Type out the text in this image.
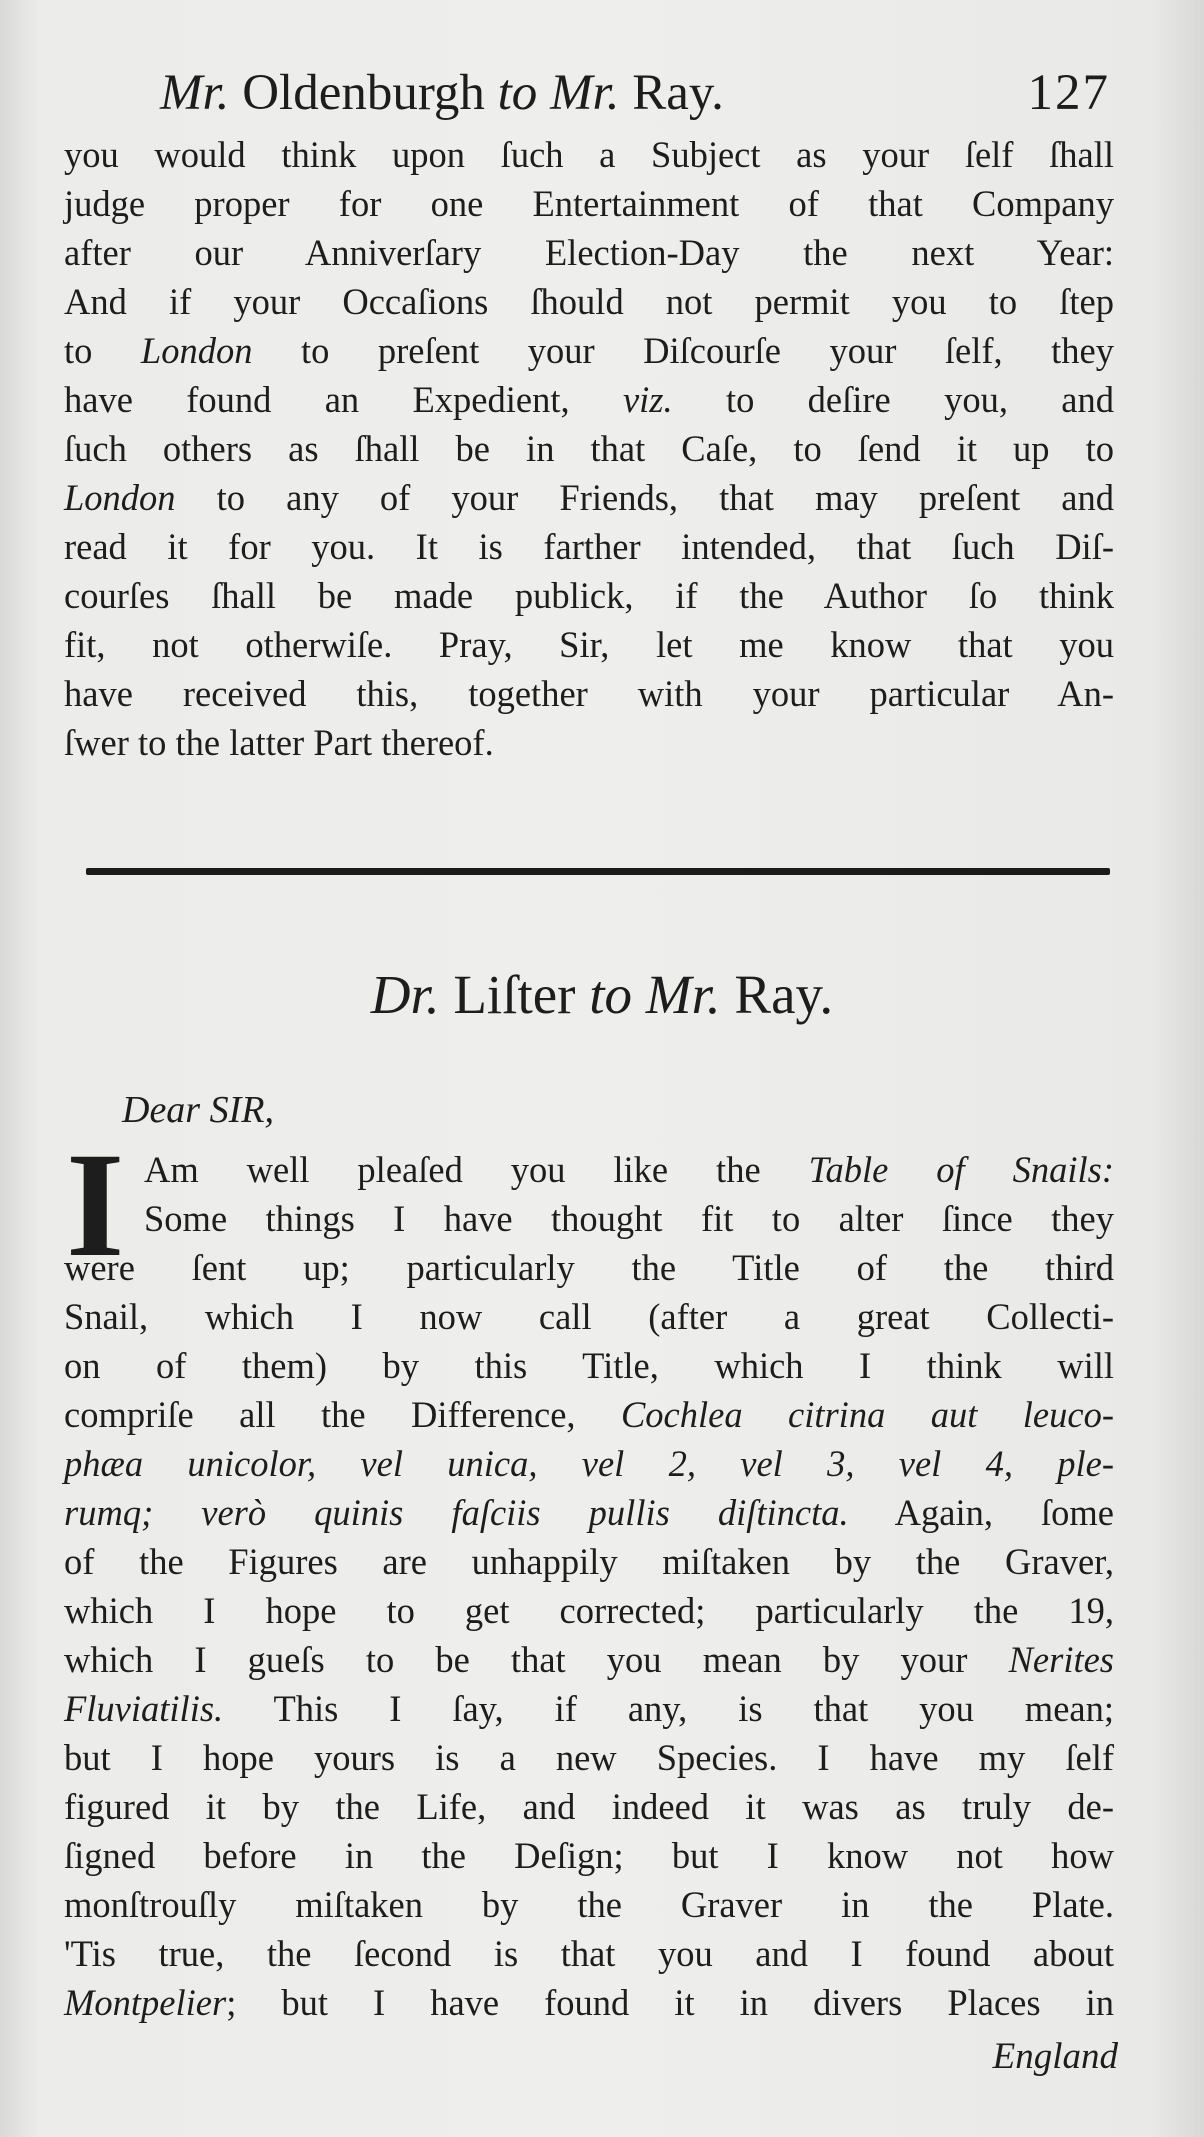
Mr. Oldenburgh to Mr. Ray.	127
you would think upon ſuch a Subject as your ſelf ſhall
judge proper for one Entertainment of that Company
after our Anniverſary Election-Day the next Year:
And if your Occaſions ſhould not permit you to ſtep
to London to preſent your Diſcourſe your ſelf, they
have found an Expedient, viz. to deſire you, and
ſuch others as ſhall be in that Caſe, to ſend it up to
London to any of your Friends, that may preſent and
read it for you. It is farther intended, that ſuch Diſ-
courſes ſhall be made publick, if the Author ſo think
fit, not otherwiſe. Pray, Sir, let me know that you
have received this, together with your particular An-
ſwer to the latter Part thereof.
Dr. Liſter to Mr. Ray.
Dear SIR,
I Am well pleaſed you like the Table of Snails:
Some things I have thought fit to alter ſince they
were ſent up; particularly the Title of the third
Snail, which I now call (after a great Collecti-
on of them) by this Title, which I think will
compriſe all the Difference, Cochlea citrina aut leuco-
phæa unicolor, vel unica, vel 2, vel 3, vel 4, ple-
rumq; verò quinis faſciis pullis diſtincta. Again, ſome
of the Figures are unhappily miſtaken by the Graver,
which I hope to get corrected; particularly the 19,
which I gueſs to be that you mean by your Nerites
Fluviatilis. This I ſay, if any, is that you mean;
but I hope yours is a new Species. I have my ſelf
figured it by the Life, and indeed it was as truly de-
ſigned before in the Deſign; but I know not how
monſtrouſly miſtaken by the Graver in the Plate.
'Tis true, the ſecond is that you and I found about
Montpelier; but I have found it in divers Places in
England
